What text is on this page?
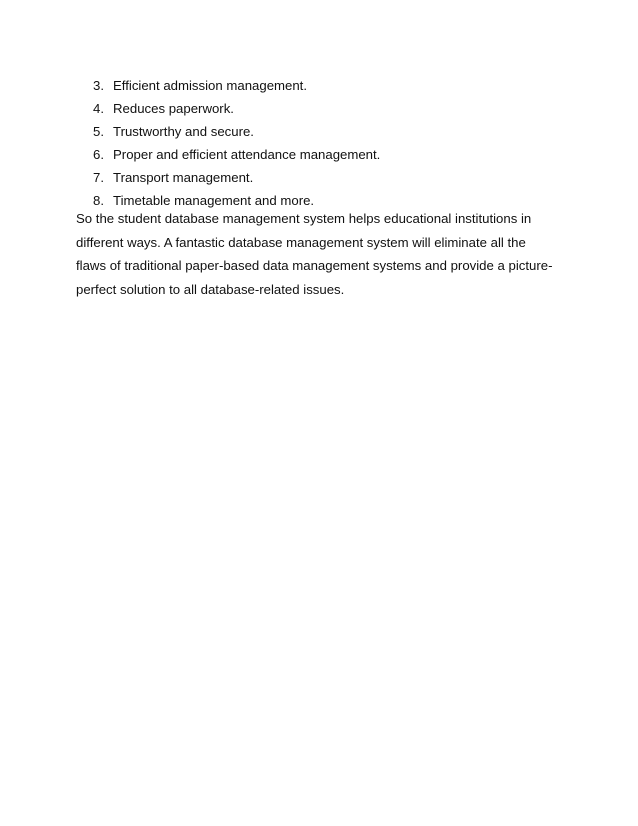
3. Efficient admission management.
4. Reduces paperwork.
5. Trustworthy and secure.
6. Proper and efficient attendance management.
7. Transport management.
8. Timetable management and more.

So the student database management system helps educational institutions in
different ways. A fantastic database management system will eliminate all the
flaws of traditional paper-based data management systems and provide a picture-
perfect solution to all database-related issues.
